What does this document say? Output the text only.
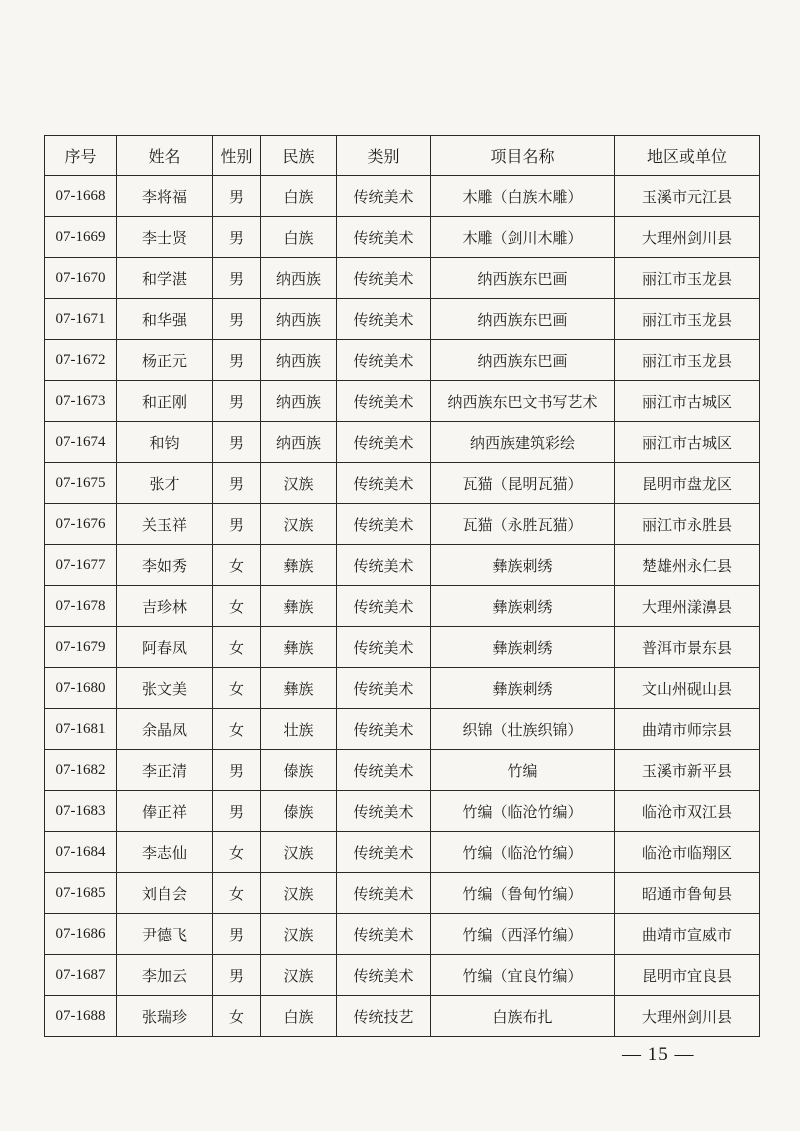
序号	姓名	性别	民族	类别	项目名称	地区或单位
07-1668	李将福	男	白族	传统美术	木雕（白族木雕）	玉溪市元江县
07-1669	李士贤	男	白族	传统美术	木雕（剑川木雕）	大理州剑川县
07-1670	和学湛	男	纳西族	传统美术	纳西族东巴画	丽江市玉龙县
07-1671	和华强	男	纳西族	传统美术	纳西族东巴画	丽江市玉龙县
07-1672	杨正元	男	纳西族	传统美术	纳西族东巴画	丽江市玉龙县
07-1673	和正刚	男	纳西族	传统美术	纳西族东巴文书写艺术	丽江市古城区
07-1674	和钧	男	纳西族	传统美术	纳西族建筑彩绘	丽江市古城区
07-1675	张才	男	汉族	传统美术	瓦猫（昆明瓦猫）	昆明市盘龙区
07-1676	关玉祥	男	汉族	传统美术	瓦猫（永胜瓦猫）	丽江市永胜县
07-1677	李如秀	女	彝族	传统美术	彝族刺绣	楚雄州永仁县
07-1678	吉珍林	女	彝族	传统美术	彝族刺绣	大理州漾濞县
07-1679	阿春凤	女	彝族	传统美术	彝族刺绣	普洱市景东县
07-1680	张文美	女	彝族	传统美术	彝族刺绣	文山州砚山县
07-1681	余晶凤	女	壮族	传统美术	织锦（壮族织锦）	曲靖市师宗县
07-1682	李正清	男	傣族	传统美术	竹编	玉溪市新平县
07-1683	俸正祥	男	傣族	传统美术	竹编（临沧竹编）	临沧市双江县
07-1684	李志仙	女	汉族	传统美术	竹编（临沧竹编）	临沧市临翔区
07-1685	刘自会	女	汉族	传统美术	竹编（鲁甸竹编）	昭通市鲁甸县
07-1686	尹德飞	男	汉族	传统美术	竹编（西泽竹编）	曲靖市宣威市
07-1687	李加云	男	汉族	传统美术	竹编（宜良竹编）	昆明市宜良县
07-1688	张瑞珍	女	白族	传统技艺	白族布扎	大理州剑川县
— 15 —
